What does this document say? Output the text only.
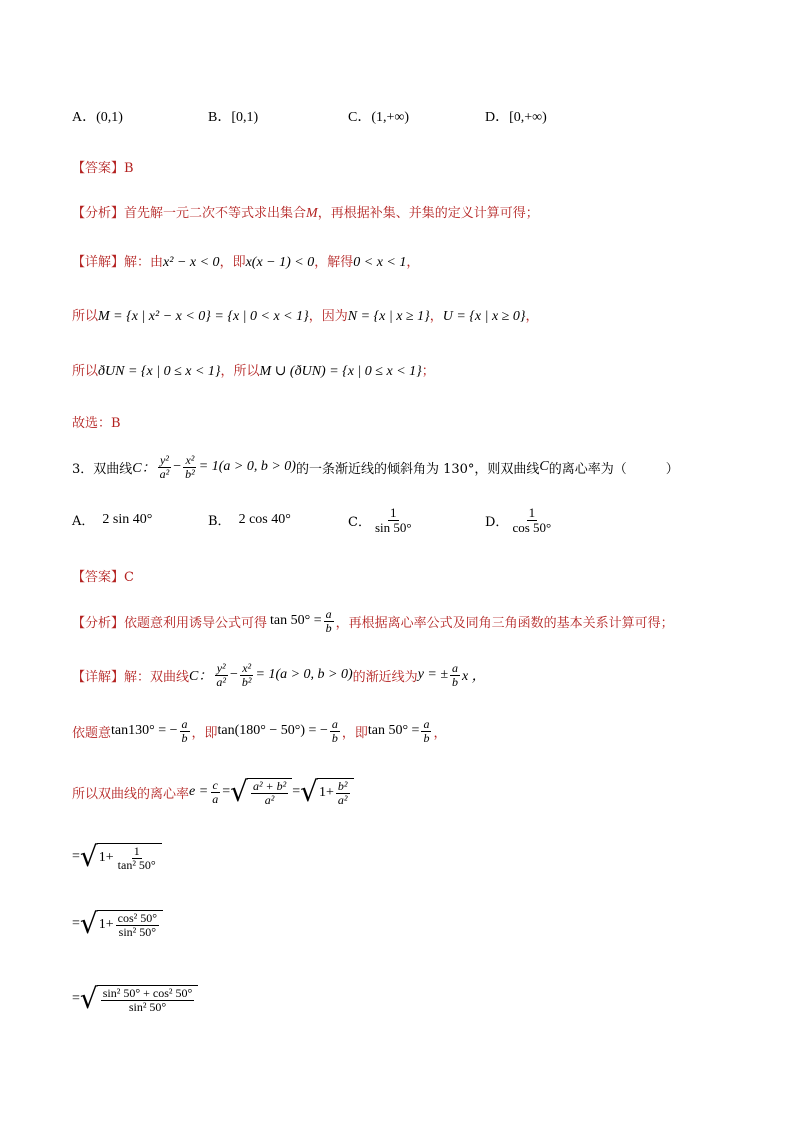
A．(0,1)	B．[0,1)	C．(1,+∞)	D．[0,+∞)
【答案】B
【分析】首先解一元二次不等式求出集合M，再根据补集、并集的定义计算可得；
【详解】解：由x² − x < 0，即x(x − 1) < 0，解得0 < x < 1，
所以M = {x | x² − x < 0} = {x | 0 < x < 1}，因为N = {x | x ≥ 1}，U = {x | x ≥ 0}，
所以ðUN = {x | 0 ≤ x < 1}，所以M ∪ (ðUN) = {x | 0 ≤ x < 1}；
故选：B
3． 双曲线 C： $\frac{\text{y²}}{\text{a²}} - \frac{\text{x²}}{\text{b²}} = 1(a > 0$, b > 0) 的一条渐近线的倾斜角为 130°，则双曲线 C 的离心率为（　　　）
A． 2 sin 40°	B． 2 cos 40°	C． $\frac{1}{\sin 50^\circ}$	D． $\frac{1}{\cos 50^\circ}$
【答案】C
【分析】 依题意利用诱导公式可得 $\tan 50^\circ = \frac{a}{b}$ ，再根据离心率公式及同角三角函数的基本关系计算可得；
【详解】 解：双曲线 C： $\frac{\text{y²}}{\text{a²}} - \frac{\text{x²}}{\text{b²}} = 1(a > 0$, b > 0) 的渐近线为 y = ± $\frac{a}{b}$ x ，
依题意 tan130° = − $\frac{a}{b}$ ，即 tan(180° − 50°) = − $\frac{a}{b}$ ，即 $\tan 50^\circ = \frac{a}{b}$ ，
所以双曲线的离心率 $e = \frac{c}{a}$ = √ $\frac{\text{a² + b²}}{\text{a²}}$ = √ $1+ \frac{\text{b²}}{\text{a²}}$
= √ $1+ \frac{1}{\text{tan² 50°}}$
= √ $1+ \frac{\text{cos² 50°}}{\text{sin² 50°}}$
= √ $\frac{\text{sin² 50° + cos² 50°}}{\text{sin² 50°}}$
